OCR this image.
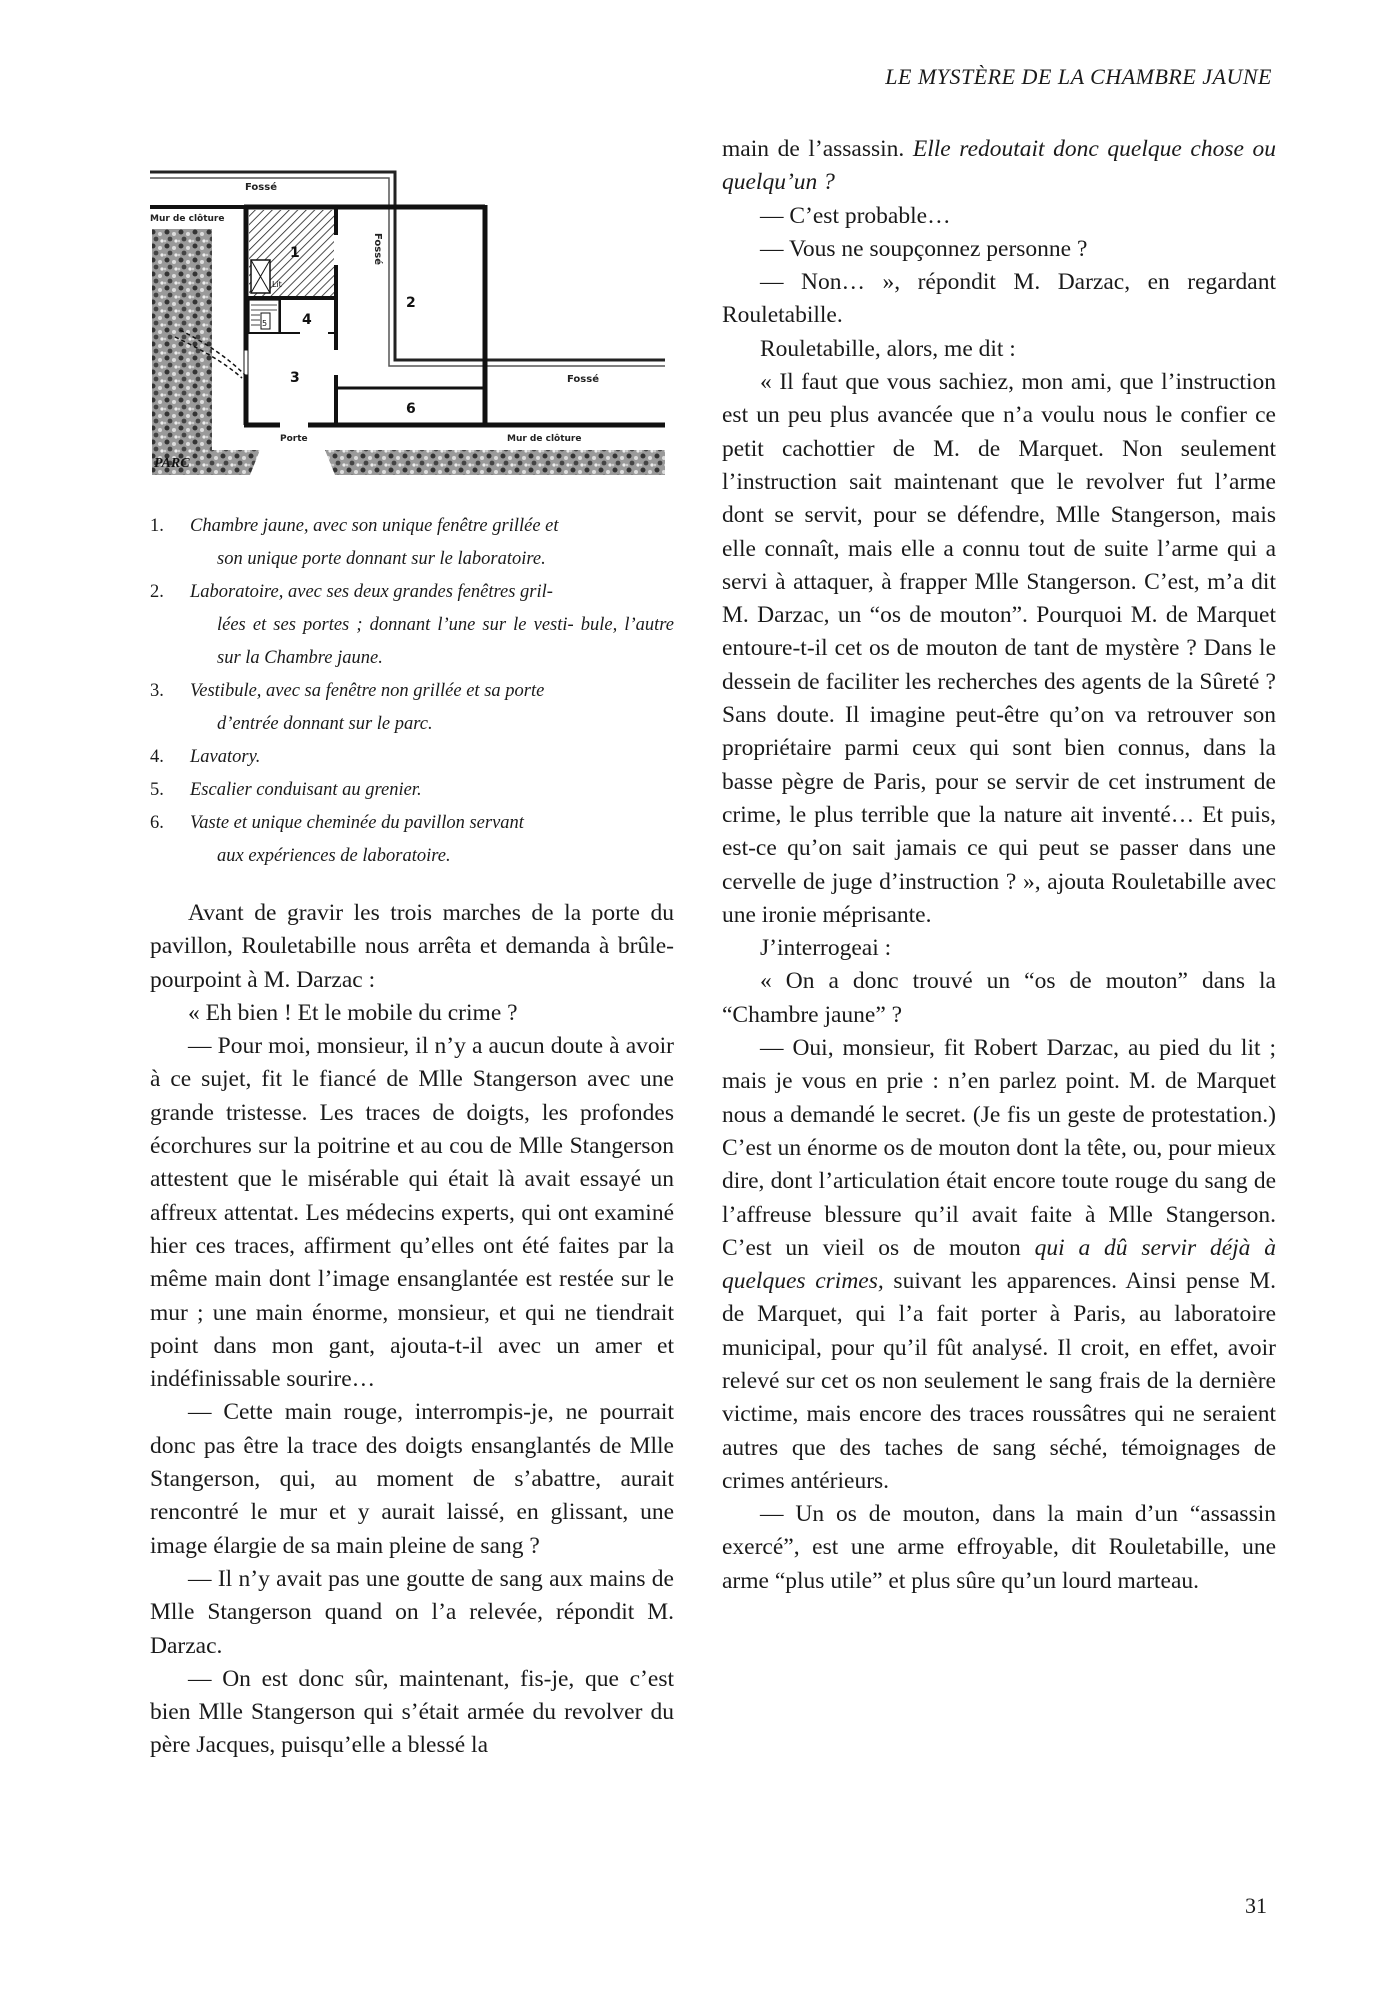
LE MYSTÈRE DE LA CHAMBRE JAUNE
Fossé
Fossé
Fossé
Mur de clôture
PARC
Lit
5
1
2
3
4
6
Porte	Mur de clôture
1.	Chambre jaune, avec son unique fenêtre grillée et
son unique porte donnant sur le laboratoire.
2.	Laboratoire, avec ses deux grandes fenêtres gril-
lées et ses portes ; donnant l’une sur le vesti- bule, l’autre sur la Chambre jaune.
3.	Vestibule, avec sa fenêtre non grillée et sa porte
d’entrée donnant sur le parc.
4.	Lavatory.
5.	Escalier conduisant au grenier.
6.	Vaste et unique cheminée du pavillon servant
aux expériences de laboratoire.

Avant de gravir les trois marches de la porte du pavillon, Rouletabille nous arrêta et demanda à brûle-pourpoint à M. Darzac :

« Eh bien ! Et le mobile du crime ?

— Pour moi, monsieur, il n’y a aucun doute à avoir à ce sujet, fit le fiancé de Mlle Stangerson avec une grande tristesse. Les traces de doigts, les profondes écorchures sur la poitrine et au cou de Mlle Stangerson attestent que le misérable qui était là avait essayé un affreux attentat. Les médecins experts, qui ont examiné hier ces traces, affirment qu’elles ont été faites par la même main dont l’image ensanglantée est restée sur le mur ; une main énorme, monsieur, et qui ne tiendrait point dans mon gant, ajouta-t-il avec un amer et indéfinissable sourire…

— Cette main rouge, interrompis-je, ne pourrait donc pas être la trace des doigts ensanglantés de Mlle Stangerson, qui, au moment de s’abattre, aurait rencontré le mur et y aurait laissé, en glissant, une image élargie de sa main pleine de sang ?

— Il n’y avait pas une goutte de sang aux mains de Mlle Stangerson quand on l’a relevée, répondit M. Darzac.

— On est donc sûr, maintenant, fis-je, que c’est bien Mlle Stangerson qui s’était armée du revolver du père Jacques, puisqu’elle a blessé la

main de l’assassin. Elle redoutait donc quelque chose ou quelqu’un ?

— C’est probable…

— Vous ne soupçonnez personne ?

— Non… », répondit M. Darzac, en regardant Rouletabille.

Rouletabille, alors, me dit :

« Il faut que vous sachiez, mon ami, que l’instruction est un peu plus avancée que n’a voulu nous le confier ce petit cachottier de M. de Marquet. Non seulement l’instruction sait maintenant que le revolver fut l’arme dont se servit, pour se défendre, Mlle Stangerson, mais elle connaît, mais elle a connu tout de suite l’arme qui a servi à attaquer, à frapper Mlle Stangerson. C’est, m’a dit M. Darzac, un “os de mouton”. Pourquoi M. de Marquet entoure-t-il cet os de mouton de tant de mystère ? Dans le dessein de faciliter les recherches des agents de la Sûreté ? Sans doute. Il imagine peut-être qu’on va retrouver son propriétaire parmi ceux qui sont bien connus, dans la basse pègre de Paris, pour se servir de cet instrument de crime, le plus terrible que la nature ait inventé… Et puis, est-ce qu’on sait jamais ce qui peut se passer dans une cervelle de juge d’instruction ? », ajouta Rouletabille avec une ironie méprisante.

J’interrogeai :

« On a donc trouvé un “os de mouton” dans la “Chambre jaune” ?

— Oui, monsieur, fit Robert Darzac, au pied du lit ; mais je vous en prie : n’en parlez point. M. de Marquet nous a demandé le secret. (Je fis un geste de protestation.) C’est un énorme os de mouton dont la tête, ou, pour mieux dire, dont l’articulation était encore toute rouge du sang de l’affreuse blessure qu’il avait faite à Mlle Stangerson. C’est un vieil os de mouton qui a dû servir déjà à quelques crimes, suivant les apparences. Ainsi pense M. de Marquet, qui l’a fait porter à Paris, au laboratoire municipal, pour qu’il fût analysé. Il croit, en effet, avoir relevé sur cet os non seulement le sang frais de la dernière victime, mais encore des traces roussâtres qui ne seraient autres que des taches de sang séché, témoignages de crimes antérieurs.

— Un os de mouton, dans la main d’un “assassin exercé”, est une arme effroyable, dit Rouletabille, une arme “plus utile” et plus sûre qu’un lourd marteau.

31
